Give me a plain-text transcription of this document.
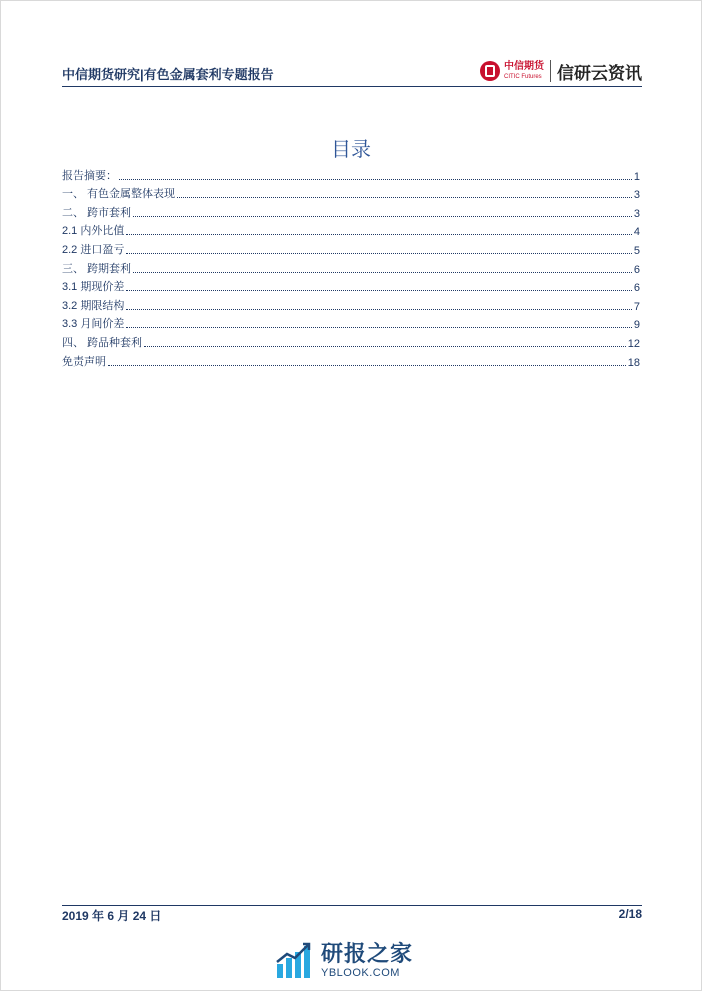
中信期货研究|有色金属套利专题报告
中信期货
CITIC Futures 信研云资讯
目录
报告摘要：	1
一、 有色金属整体表现	3
二、 跨市套利	3
2.1 内外比值	4
2.2 进口盈亏	5
三、 跨期套利	6
3.1 期现价差	6
3.2 期限结构	7
3.3 月间价差	9
四、 跨品种套利	12
免责声明	18
2019 年 6 月 24 日	2/18
研报之家
YBLOOK.COM
